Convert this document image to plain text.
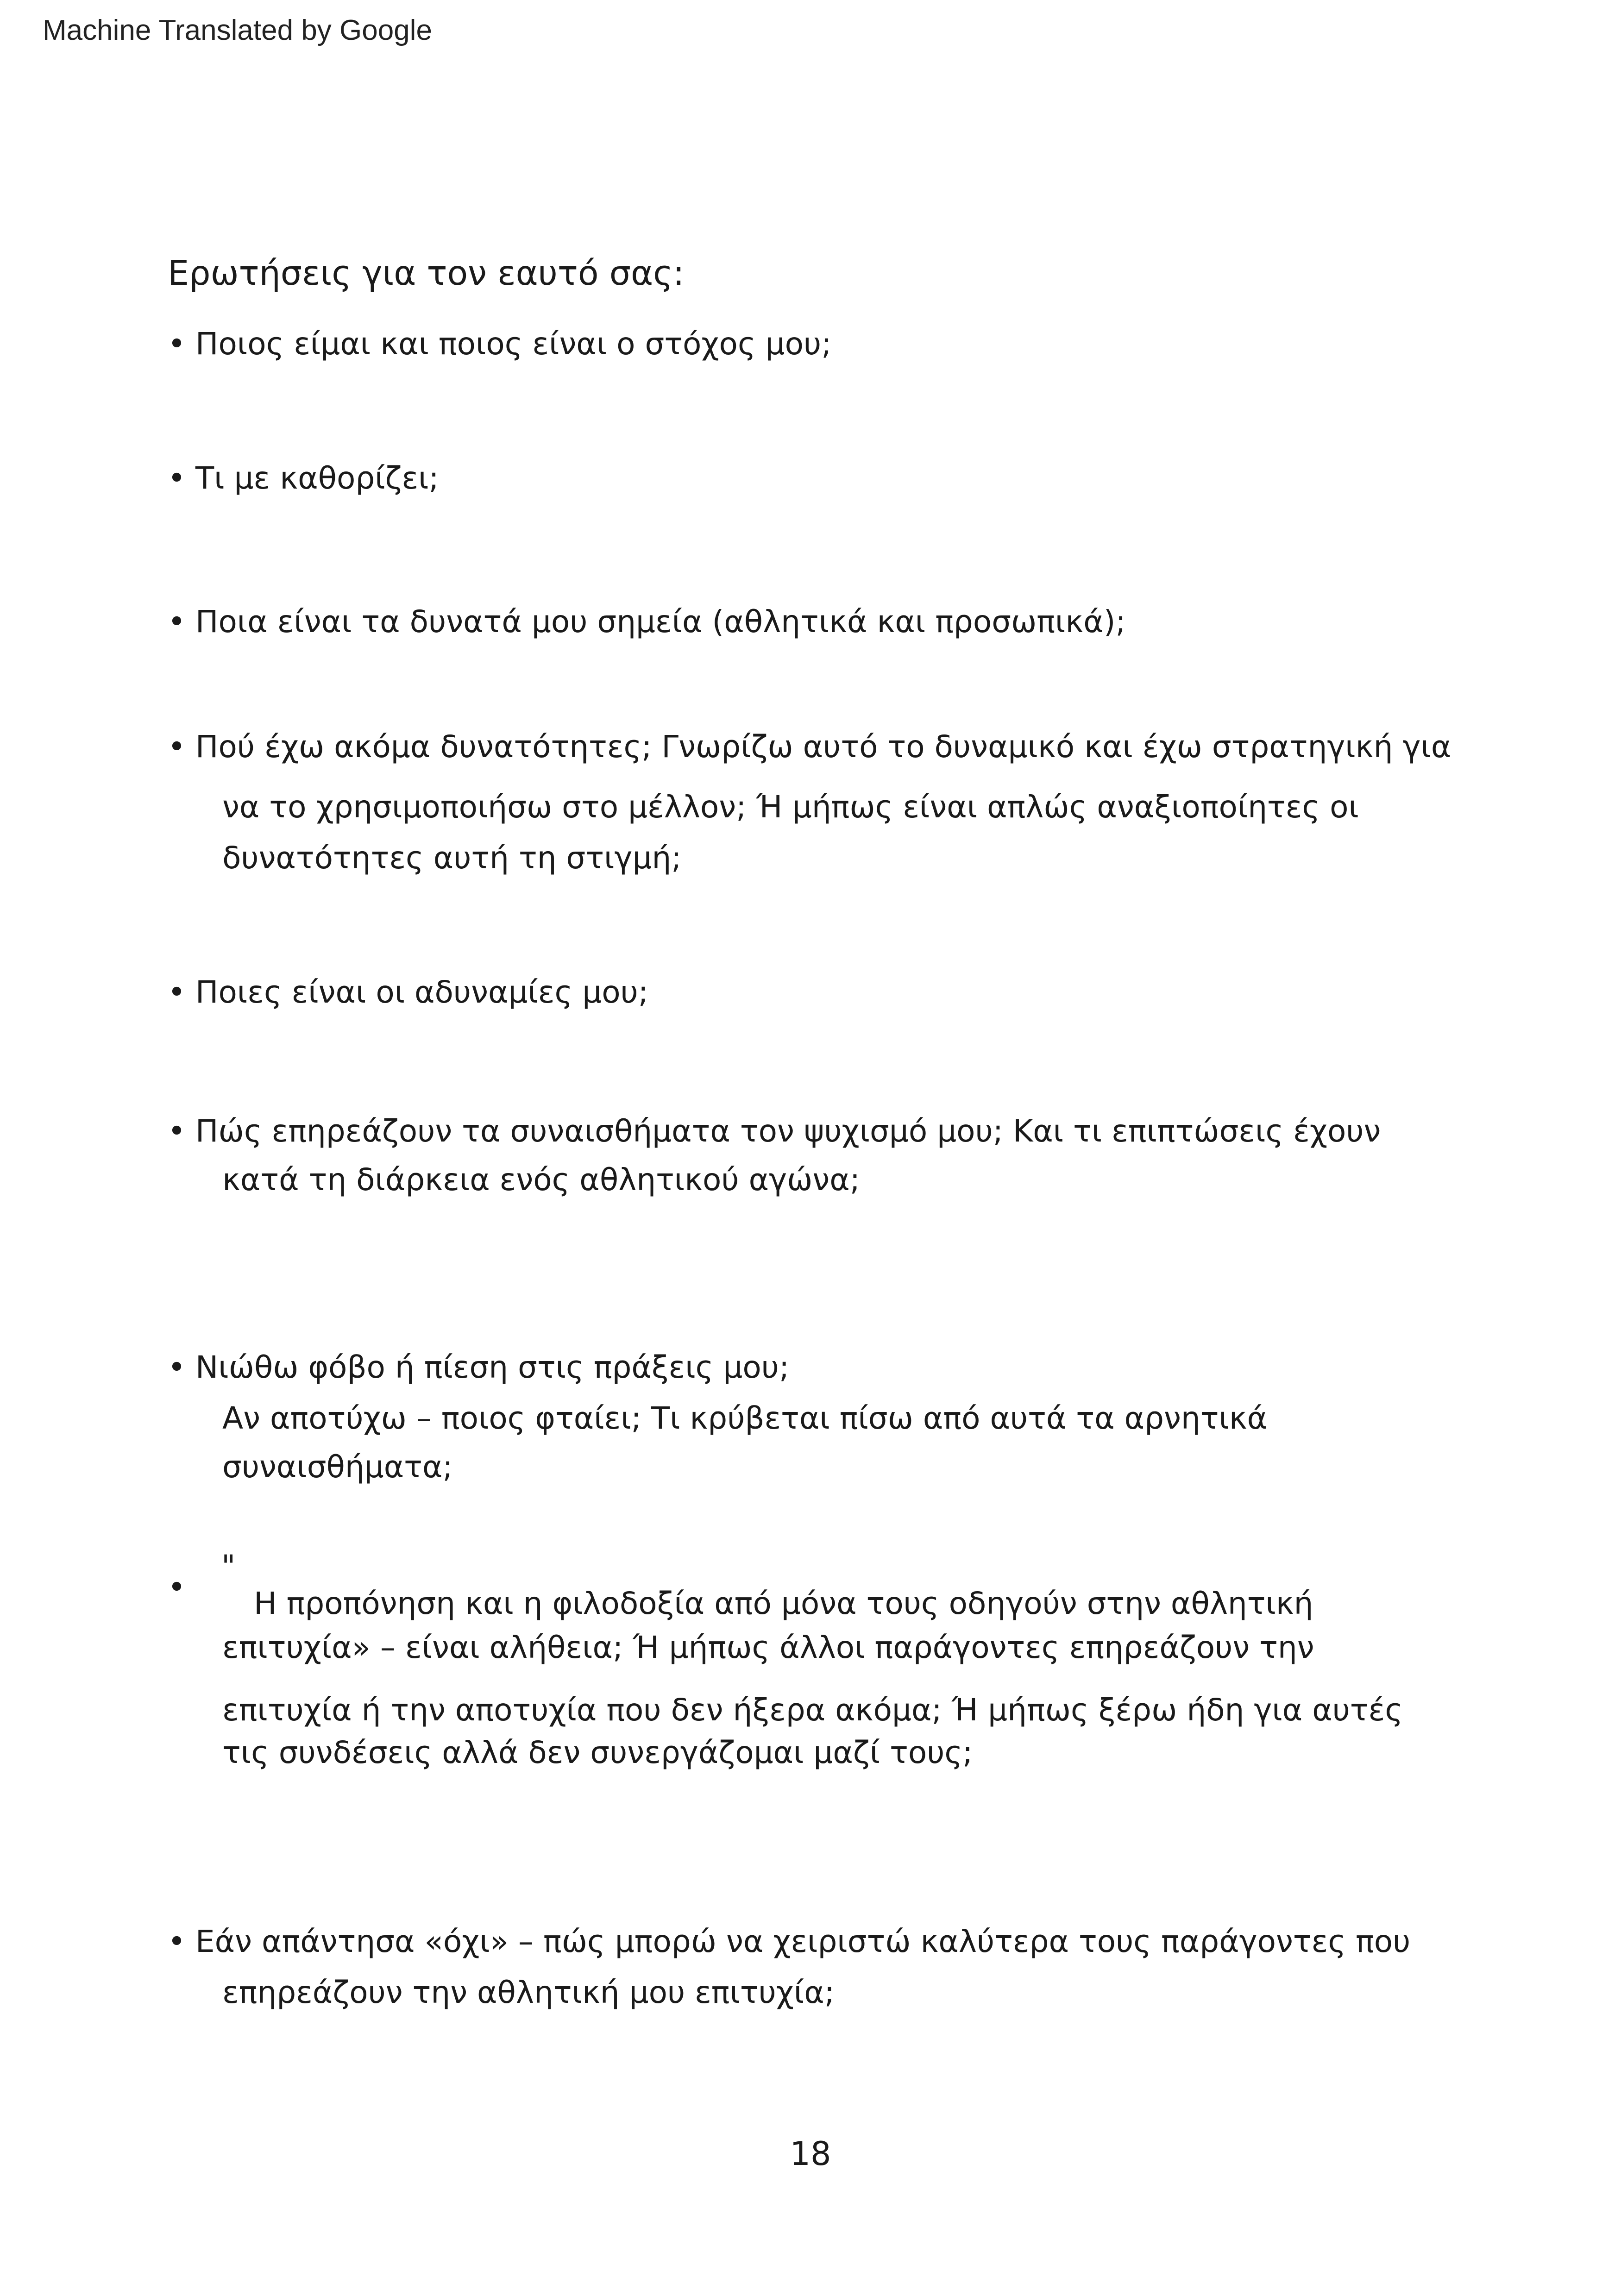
Machine Translated by Google
Ερωτήσεις για τον εαυτό σας:
• Ποιος είμαι και ποιος είναι ο στόχος μου;
• Τι με καθορίζει;
• Ποια είναι τα δυνατά μου σημεία (αθλητικά και προσωπικά);
• Πού έχω ακόμα δυνατότητες; Γνωρίζω αυτό το δυναμικό και έχω στρατηγική για
να το χρησιμοποιήσω στο μέλλον; Ή μήπως είναι απλώς αναξιοποίητες οι
δυνατότητες αυτή τη στιγμή;
• Ποιες είναι οι αδυναμίες μου;
• Πώς επηρεάζουν τα συναισθήματα τον ψυχισμό μου; Και τι επιπτώσεις έχουν
κατά τη διάρκεια ενός αθλητικού αγώνα;
• Νιώθω φόβο ή πίεση στις πράξεις μου;
Αν αποτύχω – ποιος φταίει; Τι κρύβεται πίσω από αυτά τα αρνητικά
συναισθήματα;
•
"
Η προπόνηση και η φιλοδοξία από μόνα τους οδηγούν στην αθλητική
επιτυχία» – είναι αλήθεια; Ή μήπως άλλοι παράγοντες επηρεάζουν την
επιτυχία ή την αποτυχία που δεν ήξερα ακόμα; Ή μήπως ξέρω ήδη για αυτές
τις συνδέσεις αλλά δεν συνεργάζομαι μαζί τους;
• Εάν απάντησα «όχι» – πώς μπορώ να χειριστώ καλύτερα τους παράγοντες που
επηρεάζουν την αθλητική μου επιτυχία;
18
